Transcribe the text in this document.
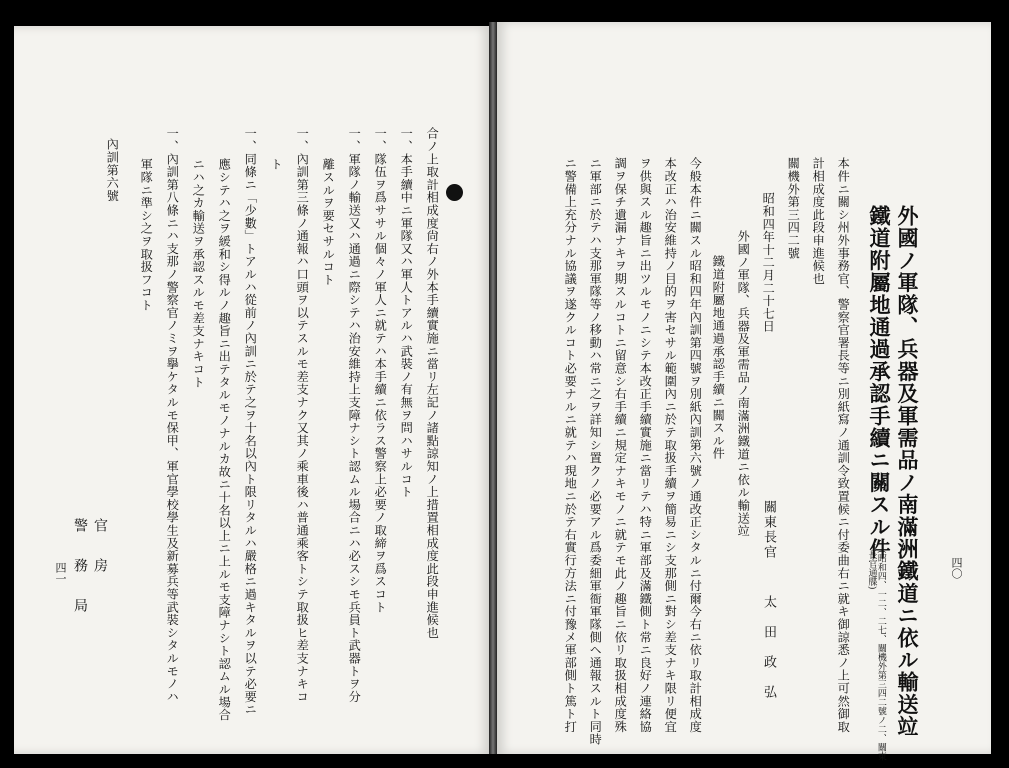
四〇
外國ノ軍隊、兵器及軍需品ノ南滿洲鐵道ニ依ル輸送竝
鐵道附屬地通過承認手續ニ關スル件
(昭和四、一二、二七、關機外第三四二號ノ二、關東長官通牒)
本件ニ關シ州外事務官、警察官署長等ニ別紙寫ノ通訓令致置候ニ付委曲右ニ就キ御諒悉ノ上可然御取
計相成度此段申進候也
關機外第三四二號
昭和四年十二月二十七日
外國ノ軍隊、兵器及軍需品ノ南滿洲鐵道ニ依ル輸送竝
鐵道附屬地通過承認手續ニ關スル件
關東長官
太田政弘
今般本件ニ關スル昭和四年內訓第四號ヲ別紙內訓第六號ノ通改正シタルニ付爾今右ニ依リ取計相成度
本改正ハ治安維持ノ目的ヲ害セサル範圍內ニ於テ取扱手續ヲ簡易ニシ支那側ニ對シ差支ナキ限リ便宜
ヲ供與スル趣旨ニ出ツルモノニシテ本改正手續實施ニ當リテハ特ニ軍部及滿鐵側ト常ニ良好ノ連絡協
調ヲ保チ遺漏ナキヲ期スルコトニ留意シ右手續ニ規定ナキモノニ就テモ此ノ趣旨ニ依リ取扱相成度殊
ニ軍部ニ於テハ支那軍隊等ノ移動ハ常ニ之ヲ詳知シ置クノ必要アル爲委細軍衙軍隊側ヘ通報スルト同時
ニ警備上充分ナル協議ヲ遂クルコト必要ナルニ就テハ現地ニ於テ右實行方法ニ付豫メ軍部側ト篤ト打
合ノ上取計相成度尙右ノ外本手續實施ニ當リ左記ノ諸點諒知ノ上措置相成度此段申進候也
一、本手續中ニ軍隊又ハ軍人トアルハ武裝ノ有無ヲ問ハサルコト
一、隊伍ヲ爲ササル個々ノ軍人ニ就テハ本手續ニ依ラス警察上必要ノ取締ヲ爲スコト
一、軍隊ノ輸送又ハ通過ニ際シテハ治安維持上支障ナシト認ムル場合ニハ必スシモ兵員ト武器トヲ分
離スルヲ要セサルコト
一、內訓第三條ノ通報ハ口頭ヲ以テスルモ差支ナク又其ノ乘車後ハ普通乘客トシテ取扱ヒ差支ナキコ
ト
一、同條ニ「少數」トアルハ從前ノ內訓ニ於テ之ヲ十名以內ト限リタルハ嚴格ニ過キタルヲ以テ必要ニ
應シテハ之ヲ緩和シ得ルノ趣旨ニ出テタルモノナルカ故ニ十名以上ニ上ルモ支障ナシト認ムル場合
ニハ之カ輸送ヲ承認スルモ差支ナキコト
一、內訓第八條ニハ支那ノ警察官ノミヲ擧ケタルモ保甲、軍官學校學生及新募兵等武裝シタルモノハ
軍隊ニ準シ之ヲ取扱フコト
內訓第六號
官房
警務局
四一
